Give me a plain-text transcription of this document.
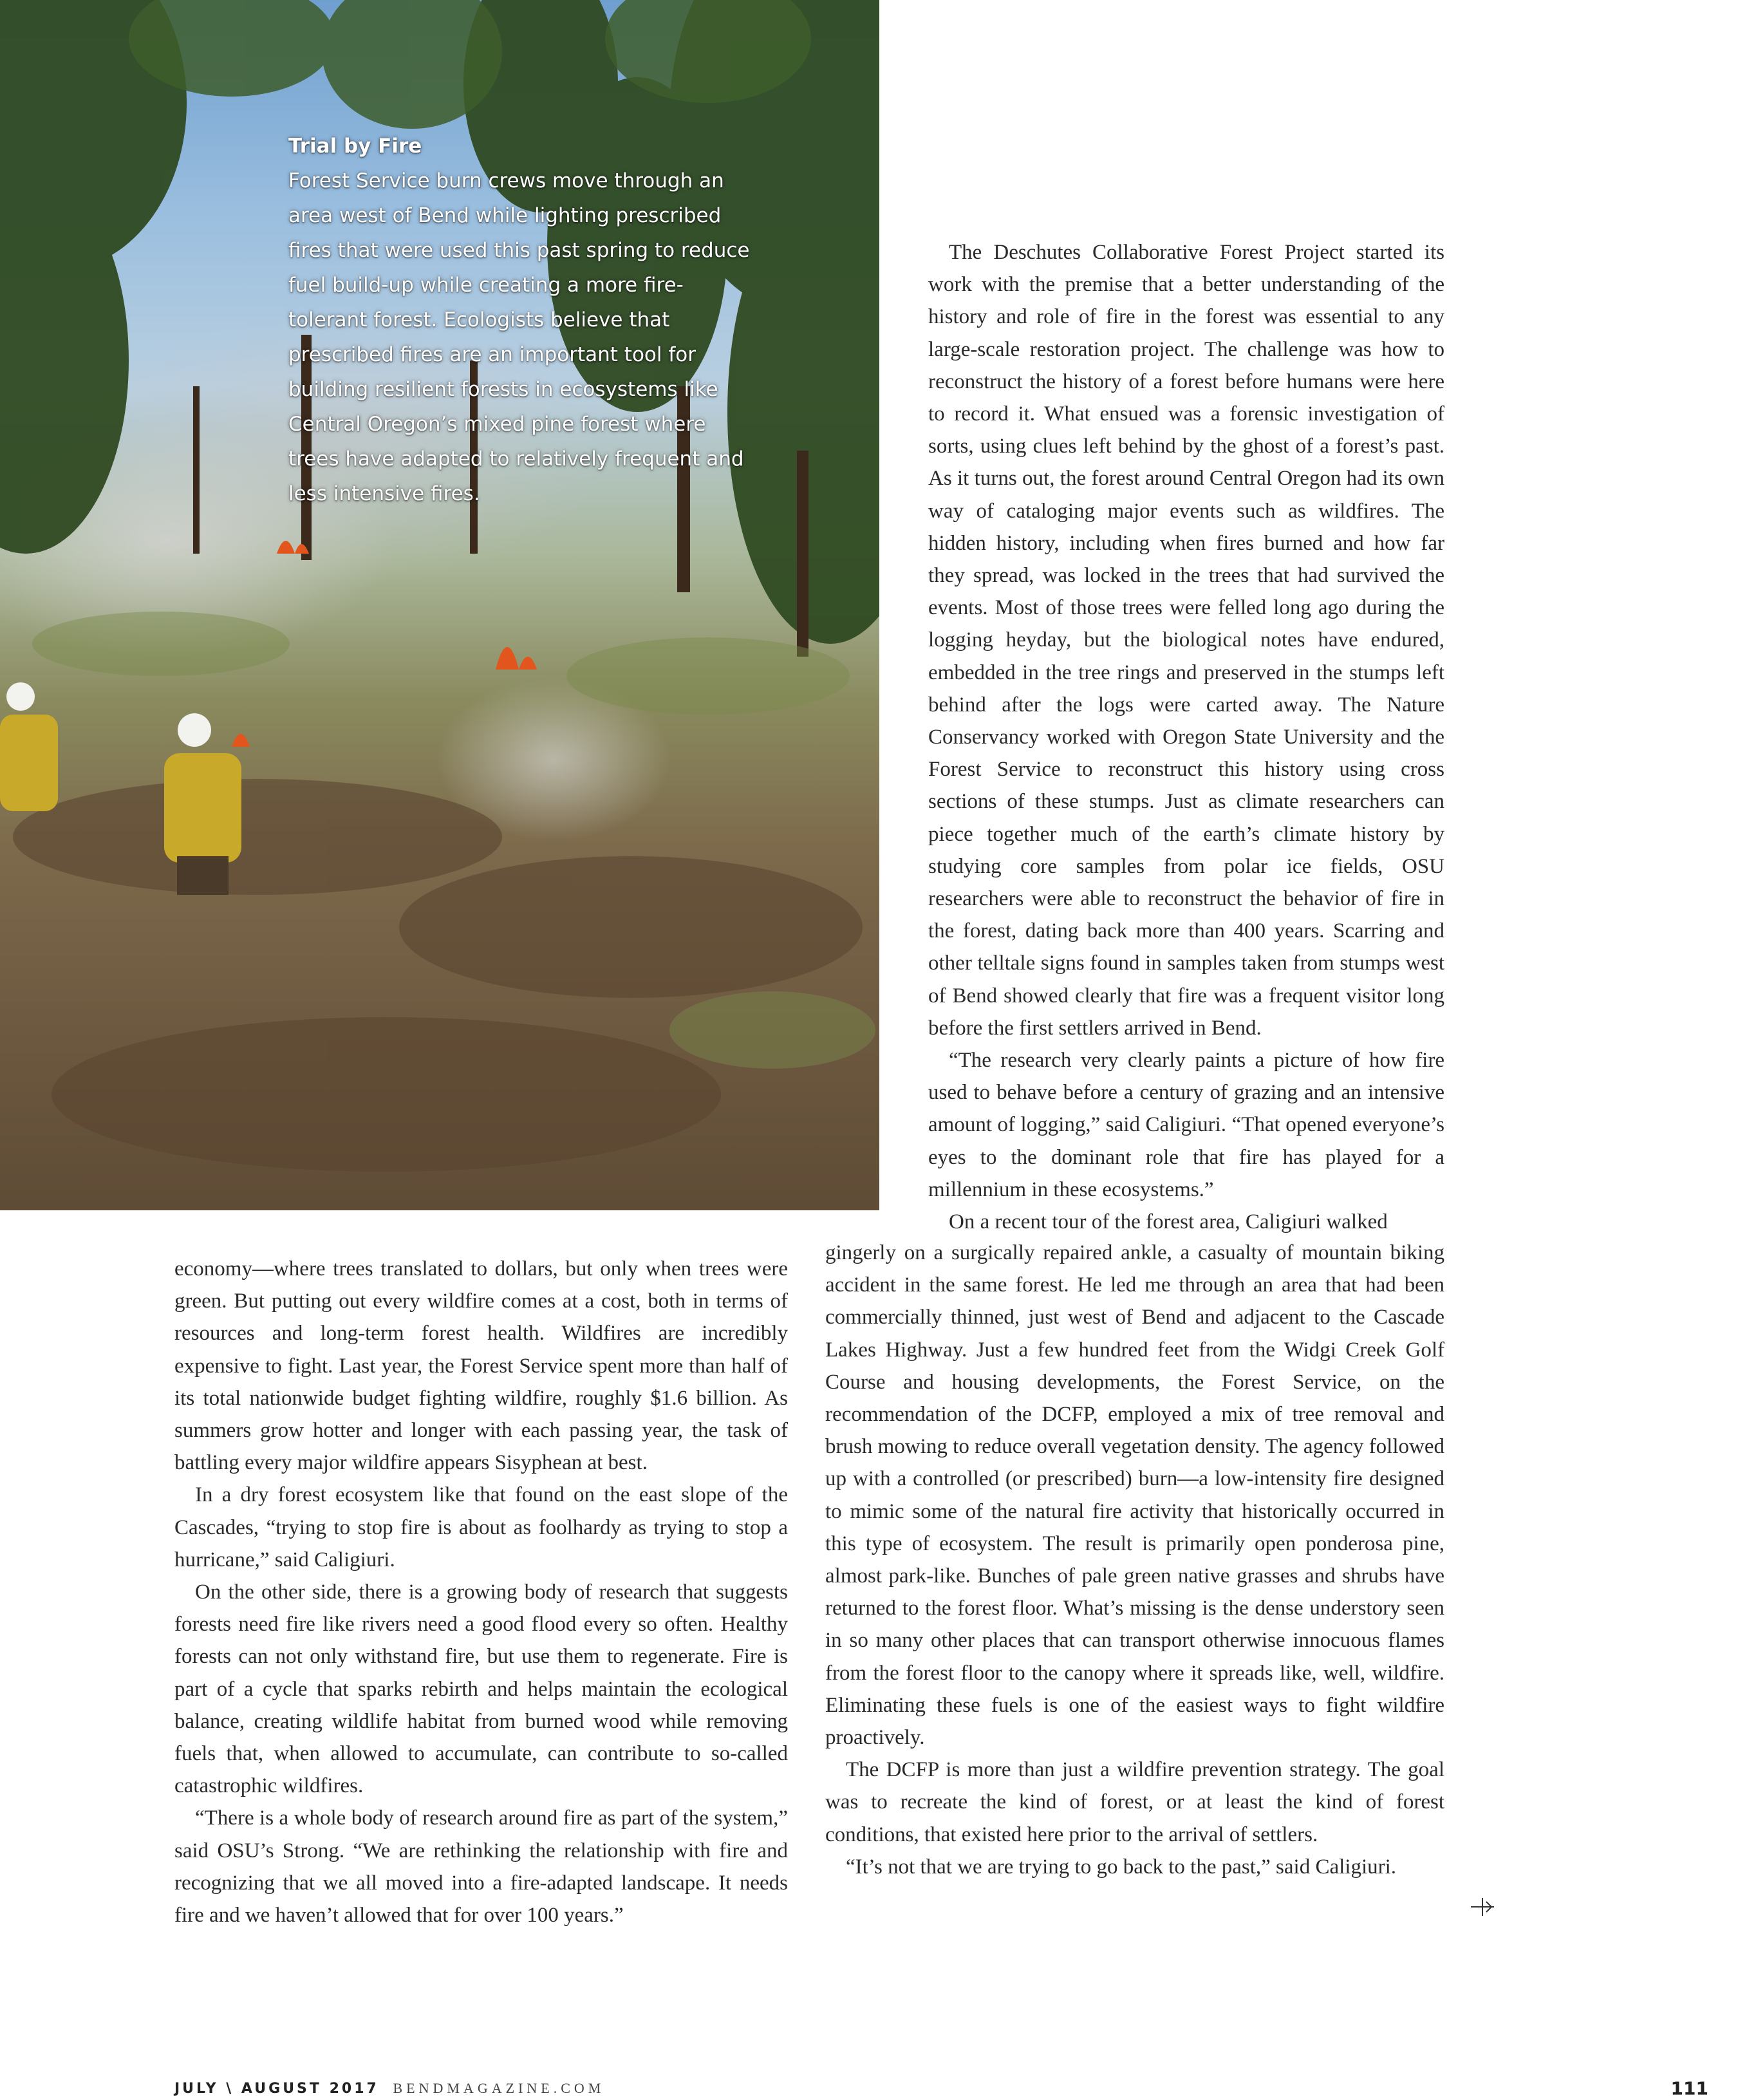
Trial by Fire

Forest Service burn crews move through an area west of Bend while lighting prescribed fires that were used this past spring to reduce fuel build-up while creating a more fire-tolerant forest. Ecologists believe that prescribed fires are an important tool for building resilient forests in ecosystems like Central Oregon’s mixed pine forest where trees have adapted to relatively frequent and less intensive fires.

The Deschutes Collaborative Forest Project started its work with the premise that a better understanding of the history and role of fire in the forest was essential to any large-scale restoration project. The challenge was how to reconstruct the history of a forest before humans were here to record it. What ensued was a forensic investigation of sorts, using clues left behind by the ghost of a forest’s past. As it turns out, the forest around Central Oregon had its own way of cataloging major events such as wildfires. The hidden history, including when fires burned and how far they spread, was locked in the trees that had survived the events. Most of those trees were felled long ago during the logging heyday, but the biological notes have endured, embedded in the tree rings and preserved in the stumps left behind after the logs were carted away. The Nature Conservancy worked with Oregon State University and the Forest Service to reconstruct this history using cross sections of these stumps. Just as climate researchers can piece together much of the earth’s climate history by studying core samples from polar ice fields, OSU researchers were able to reconstruct the behavior of fire in the forest, dating back more than 400 years. Scarring and other telltale signs found in samples taken from stumps west of Bend showed clearly that fire was a frequent visitor long before the first settlers arrived in Bend.

“The research very clearly paints a picture of how fire used to behave before a century of grazing and an intensive amount of logging,” said Caligiuri. “That opened everyone’s eyes to the dominant role that fire has played for a millennium in these ecosystems.”

On a recent tour of the forest area, Caligiuri walked

gingerly on a surgically repaired ankle, a casualty of mountain biking accident in the same forest. He led me through an area that had been commercially thinned, just west of Bend and adjacent to the Cascade Lakes Highway. Just a few hundred feet from the Widgi Creek Golf Course and housing developments, the Forest Service, on the recommendation of the DCFP, employed a mix of tree removal and brush mowing to reduce overall vegetation density. The agency followed up with a controlled (or prescribed) burn—a low-intensity fire designed to mimic some of the natural fire activity that historically occurred in this type of ecosystem. The result is primarily open ponderosa pine, almost park-like. Bunches of pale green native grasses and shrubs have returned to the forest floor. What’s missing is the dense understory seen in so many other places that can transport otherwise innocuous flames from the forest floor to the canopy where it spreads like, well, wildfire. Eliminating these fuels is one of the easiest ways to fight wildfire proactively.

The DCFP is more than just a wildfire prevention strategy. The goal was to recreate the kind of forest, or at least the kind of forest conditions, that existed here prior to the arrival of settlers.

“It’s not that we are trying to go back to the past,” said Caligiuri.

economy—where trees translated to dollars, but only when trees were green. But putting out every wildfire comes at a cost, both in terms of resources and long-term forest health. Wildfires are incredibly expensive to fight. Last year, the Forest Service spent more than half of its total nationwide budget fighting wildfire, roughly $1.6 billion. As summers grow hotter and longer with each passing year, the task of battling every major wildfire appears Sisyphean at best.

In a dry forest ecosystem like that found on the east slope of the Cascades, “trying to stop fire is about as foolhardy as trying to stop a hurricane,” said Caligiuri.

On the other side, there is a growing body of research that suggests forests need fire like rivers need a good flood every so often. Healthy forests can not only withstand fire, but use them to regenerate. Fire is part of a cycle that sparks rebirth and helps maintain the ecological balance, creating wildlife habitat from burned wood while removing fuels that, when allowed to accumulate, can contribute to so-called catastrophic wildfires.

“There is a whole body of research around fire as part of the system,” said OSU’s Strong. “We are rethinking the relationship with fire and recognizing that we all moved into a fire-adapted landscape. It needs fire and we haven’t allowed that for over 100 years.”

JULY \ AUGUST 2017 BENDMAGAZINE.COM	111
